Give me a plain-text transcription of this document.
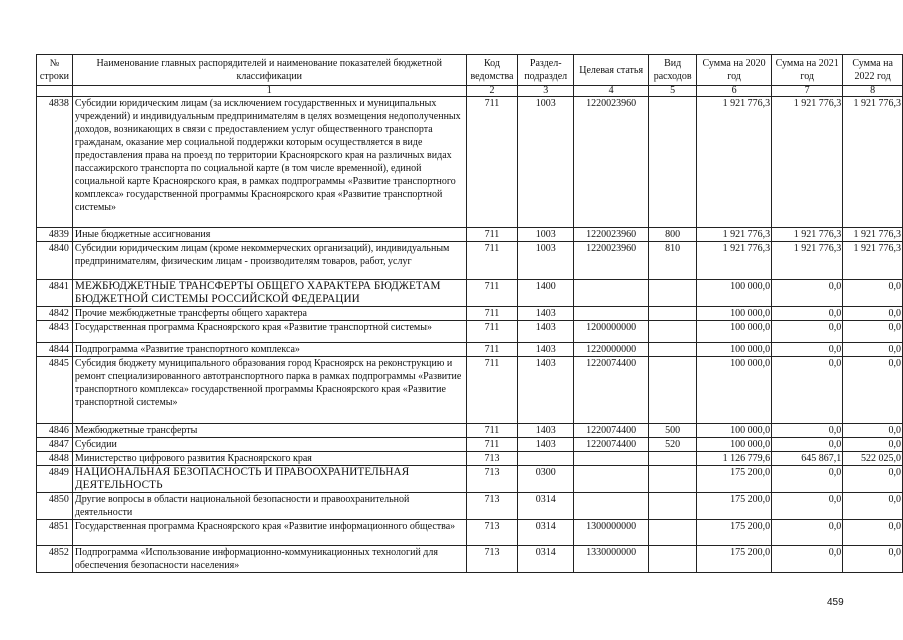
№ строки	Наименование главных распорядителей и наименование показателей бюджетной классификации	Код ведомства	Раздел- подраздел	Целевая статья	Вид расходов	Сумма на 2020 год	Сумма на 2021 год	Сумма на 2022 год
	1	2	3	4	5	6	7	8
4838	Субсидии юридическим лицам (за исключением государственных и муниципальных учреждений) и индивидуальным предпринимателям в целях возмещения недополученных доходов, возникающих в связи с предоставлением услуг общественного транспорта гражданам, оказание мер социальной поддержки которым осуществляется в виде предоставления права на проезд по территории Красноярского края на различных видах пассажирского транспорта по социальной карте (в том числе временной), единой социальной карте Красноярского края, в рамках подпрограммы «Развитие транспортного комплекса» государственной программы Красноярского края «Развитие транспортной системы»	711	1003	1220023960		1 921 776,3	1 921 776,3	1 921 776,3
4839	Иные бюджетные ассигнования	711	1003	1220023960	800	1 921 776,3	1 921 776,3	1 921 776,3
4840	Субсидии юридическим лицам (кроме некоммерческих организаций), индивидуальным предпринимателям, физическим лицам - производителям товаров, работ, услуг	711	1003	1220023960	810	1 921 776,3	1 921 776,3	1 921 776,3
4841	МЕЖБЮДЖЕТНЫЕ ТРАНСФЕРТЫ ОБЩЕГО ХАРАКТЕРА БЮДЖЕТАМ БЮДЖЕТНОЙ СИСТЕМЫ РОССИЙСКОЙ ФЕДЕРАЦИИ	711	1400			100 000,0	0,0	0,0
4842	Прочие межбюджетные трансферты общего характера	711	1403			100 000,0	0,0	0,0
4843	Государственная программа Красноярского края «Развитие транспортной системы»	711	1403	1200000000		100 000,0	0,0	0,0
4844	Подпрограмма «Развитие транспортного комплекса»	711	1403	1220000000		100 000,0	0,0	0,0
4845	Субсидия бюджету муниципального образования город Красноярск на реконструкцию и ремонт специализированного автотранспортного парка в рамках подпрограммы «Развитие транспортного комплекса» государственной программы Красноярского края «Развитие транспортной системы»	711	1403	1220074400		100 000,0	0,0	0,0
4846	Межбюджетные трансферты	711	1403	1220074400	500	100 000,0	0,0	0,0
4847	Субсидии	711	1403	1220074400	520	100 000,0	0,0	0,0
4848	Министерство цифрового развития Красноярского края	713				1 126 779,6	645 867,1	522 025,0
4849	НАЦИОНАЛЬНАЯ БЕЗОПАСНОСТЬ И ПРАВООХРАНИТЕЛЬНАЯ ДЕЯТЕЛЬНОСТЬ	713	0300			175 200,0	0,0	0,0
4850	Другие вопросы в области национальной безопасности и правоохранительной деятельности	713	0314			175 200,0	0,0	0,0
4851	Государственная программа Красноярского края «Развитие информационного общества»	713	0314	1300000000		175 200,0	0,0	0,0
4852	Подпрограмма «Использование информационно-коммуникационных технологий для обеспечения безопасности населения»	713	0314	1330000000		175 200,0	0,0	0,0
459
